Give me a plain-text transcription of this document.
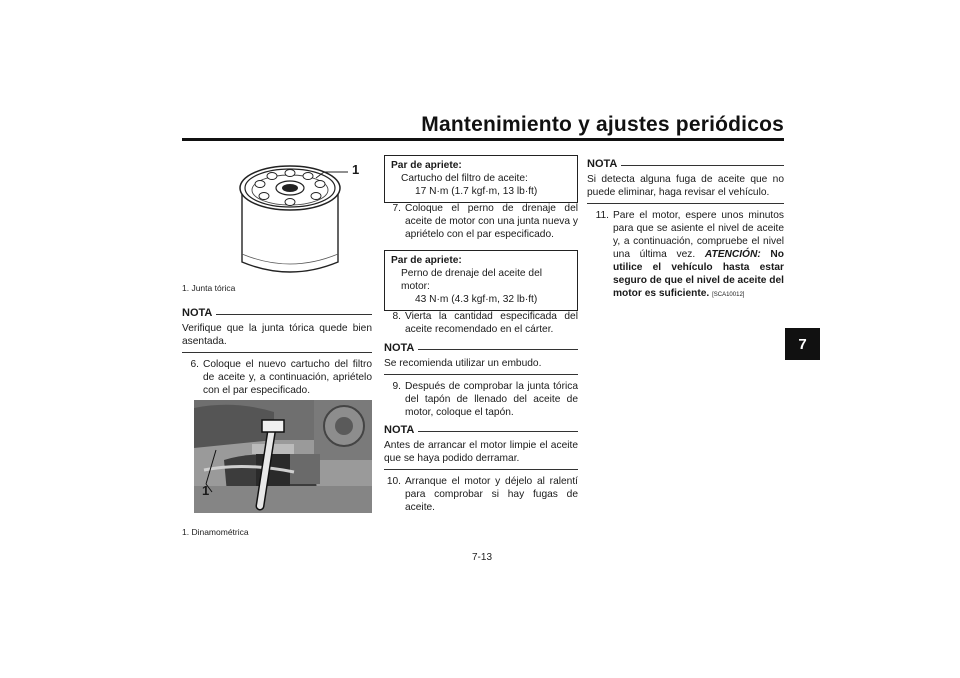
Mantenimiento y ajustes periódicos
7
1
1. Junta tórica
NOTA
Verifique que la junta tórica quede bien asentada.
6. Coloque el nuevo cartucho del filtro de aceite y, a continuación, apriételo con el par especificado.
1
1. Dinamométrica
Par de apriete:
Cartucho del filtro de aceite:
17 N·m (1.7 kgf·m, 13 lb·ft)
7. Coloque el perno de drenaje del aceite de motor con una junta nueva y apriételo con el par especificado.
Par de apriete:
Perno de drenaje del aceite del motor:
43 N·m (4.3 kgf·m, 32 lb·ft)
8. Vierta la cantidad especificada del aceite recomendado en el cárter.
NOTA
Se recomienda utilizar un embudo.
9. Después de comprobar la junta tórica del tapón de llenado del aceite de motor, coloque el tapón.
NOTA
Antes de arrancar el motor limpie el aceite que se haya podido derramar.
10. Arranque el motor y déjelo al ralentí para comprobar si hay fugas de aceite.
NOTA
Si detecta alguna fuga de aceite que no puede eliminar, haga revisar el vehículo.
11. Pare el motor, espere unos minutos para que se asiente el nivel de aceite y, a continuación, compruebe el nivel una última vez. ATENCIÓN: No utilice el vehículo hasta estar seguro de que el nivel de aceite del motor es suficiente. [SCA10012]
7-13
